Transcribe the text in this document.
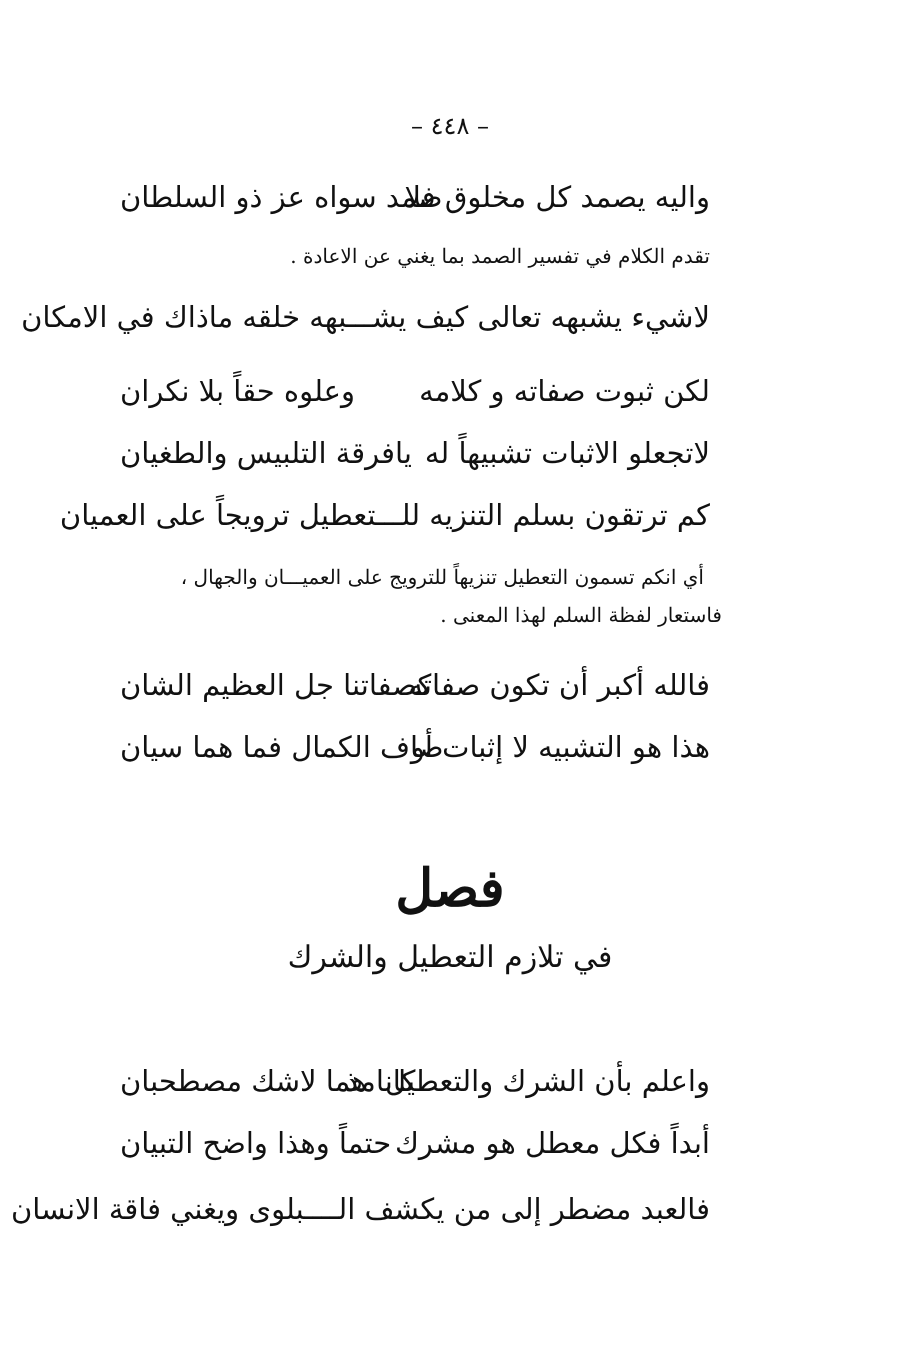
– ٤٤٨ –
واليه يصمد كل مخلوق فلا
صمد سواه عز ذو السلطان
تقدم الكلام في تفسير الصمد بما يغني عن الاعادة .
لاشيء يشبهه تعالى كيف يشـــبهه خلقه ماذاك في الامكان
لكن ثبوت صفاته و كلامه
وعلوه حقاً بلا نكران
لاتجعلو الاثبات تشبيهاً له
يافرقة التلبيس والطغيان
كم ترتقون بسلم التنزيه للـــتعطيل ترويجاً على العميان
أي انكم تسمون التعطيل تنزيهاً للترويج على العميـــان والجهال ،
فاستعار لفظة السلم لهذا المعنى .
فالله أكبر أن تكون صفاته
كصفاتنا جل العظيم الشان
هذا هو التشبيه لا إثبات أو
صاف الكمال فما هما سيان
فصل
في تلازم التعطيل والشرك
واعلم بأن الشرك والتعطيل مذ
كانا هما لاشك مصطحبان
أبداً فكل معطل هو مشرك
حتماً وهذا واضح التبيان
فالعبد مضطر إلى من يكشف الــــبلوى ويغني فاقة الانسان
